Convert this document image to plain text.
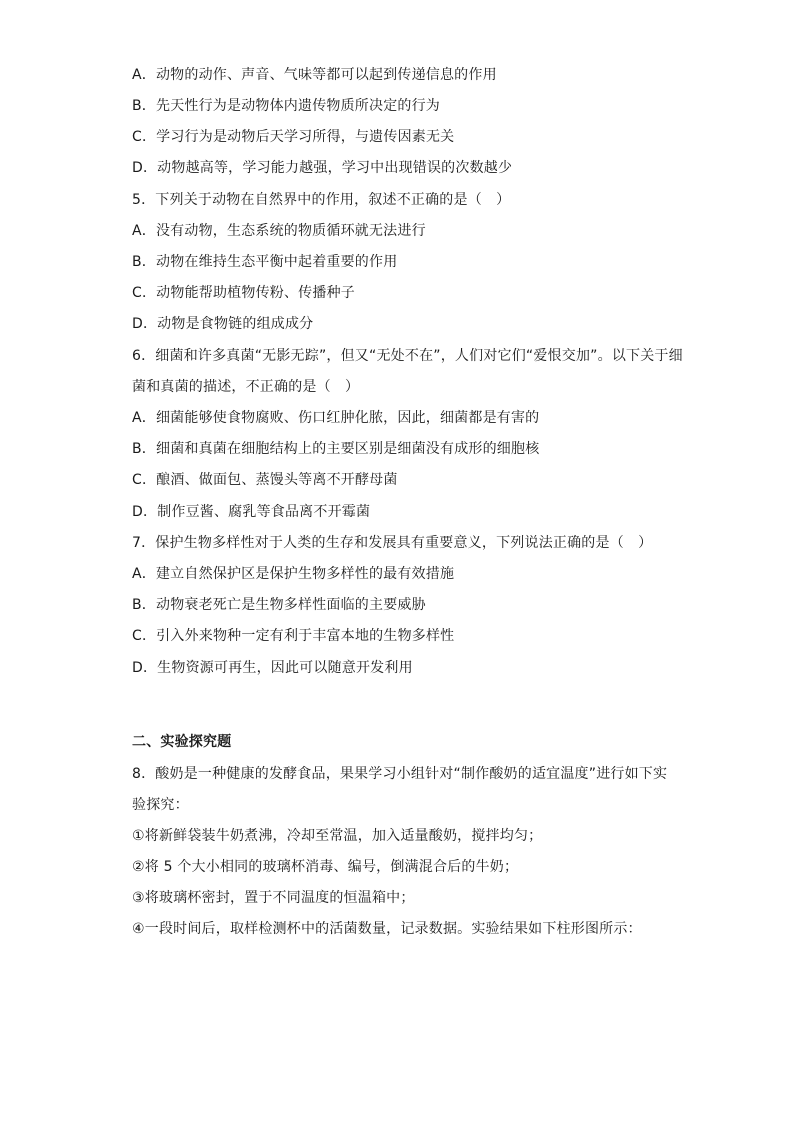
A．动物的动作、声音、气味等都可以起到传递信息的作用
B．先天性行为是动物体内遗传物质所决定的行为
C．学习行为是动物后天学习所得，与遗传因素无关
D．动物越高等，学习能力越强，学习中出现错误的次数越少
5．下列关于动物在自然界中的作用，叙述不正确的是（　）
A．没有动物，生态系统的物质循环就无法进行
B．动物在维持生态平衡中起着重要的作用
C．动物能帮助植物传粉、传播种子
D．动物是食物链的组成成分
6．细菌和许多真菌“无影无踪”，但又“无处不在”，人们对它们“爱恨交加”。以下关于细
菌和真菌的描述，不正确的是（　）
A．细菌能够使食物腐败、伤口红肿化脓，因此，细菌都是有害的
B．细菌和真菌在细胞结构上的主要区别是细菌没有成形的细胞核
C．酿酒、做面包、蒸馒头等离不开酵母菌
D．制作豆酱、腐乳等食品离不开霉菌
7．保护生物多样性对于人类的生存和发展具有重要意义，下列说法正确的是（　）
A．建立自然保护区是保护生物多样性的最有效措施
B．动物衰老死亡是生物多样性面临的主要威胁
C．引入外来物种一定有利于丰富本地的生物多样性
D．生物资源可再生，因此可以随意开发利用
二、实验探究题
8．酸奶是一种健康的发酵食品，果果学习小组针对“制作酸奶的适宜温度”进行如下实
验探究：
①将新鲜袋装牛奶煮沸，冷却至常温，加入适量酸奶，搅拌均匀；
②将 5 个大小相同的玻璃杯消毒、编号，倒满混合后的牛奶；
③将玻璃杯密封，置于不同温度的恒温箱中；
④一段时间后，取样检测杯中的活菌数量，记录数据。实验结果如下柱形图所示：
